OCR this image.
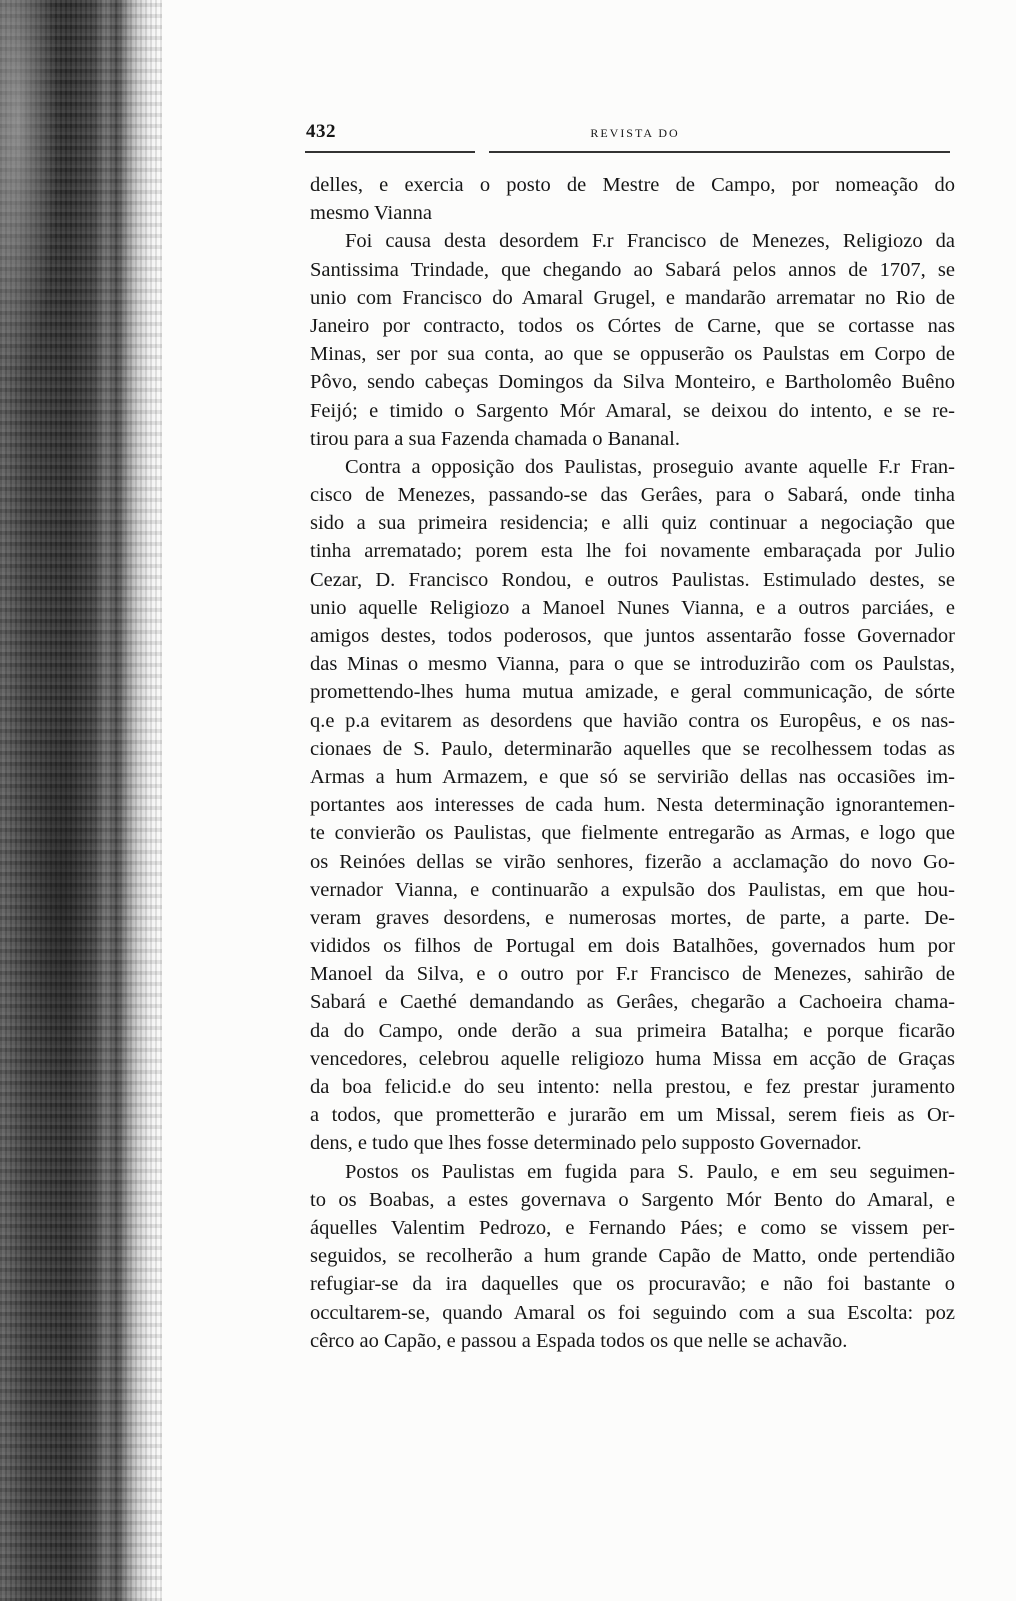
432	REVISTA DO
delles, e exercia o posto de Mestre de Campo, por nomeação do
mesmo Vianna
Foi causa desta desordem F.r Francisco de Menezes, Religiozo da
Santissima Trindade, que chegando ao Sabará pelos annos de 1707, se
unio com Francisco do Amaral Grugel, e mandarão arrematar no Rio de
Janeiro por contracto, todos os Córtes de Carne, que se cortasse nas
Minas, ser por sua conta, ao que se oppuserão os Paulstas em Corpo de
Pôvo, sendo cabeças Domingos da Silva Monteiro, e Bartholomêo Buêno
Feijó; e timido o Sargento Mór Amaral, se deixou do intento, e se re-
tirou para a sua Fazenda chamada o Bananal.
Contra a opposição dos Paulistas, proseguio avante aquelle F.r Fran-
cisco de Menezes, passando-se das Gerâes, para o Sabará, onde tinha
sido a sua primeira residencia; e alli quiz continuar a negociação que
tinha arrematado; porem esta lhe foi novamente embaraçada por Julio
Cezar, D. Francisco Rondou, e outros Paulistas. Estimulado destes, se
unio aquelle Religiozo a Manoel Nunes Vianna, e a outros parciáes, e
amigos destes, todos poderosos, que juntos assentarão fosse Governador
das Minas o mesmo Vianna, para o que se introduzirão com os Paulstas,
promettendo-lhes huma mutua amizade, e geral communicação, de sórte
q.e p.a evitarem as desordens que havião contra os Europêus, e os nas-
cionaes de S. Paulo, determinarão aquelles que se recolhessem todas as
Armas a hum Armazem, e que só se servirião dellas nas occasiões im-
portantes aos interesses de cada hum. Nesta determinação ignorantemen-
te convierão os Paulistas, que fielmente entregarão as Armas, e logo que
os Reinóes dellas se virão senhores, fizerão a acclamação do novo Go-
vernador Vianna, e continuarão a expulsão dos Paulistas, em que hou-
veram graves desordens, e numerosas mortes, de parte, a parte. De-
vididos os filhos de Portugal em dois Batalhões, governados hum por
Manoel da Silva, e o outro por F.r Francisco de Menezes, sahirão de
Sabará e Caethé demandando as Gerâes, chegarão a Cachoeira chama-
da do Campo, onde derão a sua primeira Batalha; e porque ficarão
vencedores, celebrou aquelle religiozo huma Missa em acção de Graças
da boa felicid.e do seu intento: nella prestou, e fez prestar juramento
a todos, que prometterão e jurarão em um Missal, serem fieis as Or-
dens, e tudo que lhes fosse determinado pelo supposto Governador.
Postos os Paulistas em fugida para S. Paulo, e em seu seguimen-
to os Boabas, a estes governava o Sargento Mór Bento do Amaral, e
áquelles Valentim Pedrozo, e Fernando Páes; e como se vissem per-
seguidos, se recolherão a hum grande Capão de Matto, onde pertendião
refugiar-se da ira daquelles que os procuravão; e não foi bastante o
occultarem-se, quando Amaral os foi seguindo com a sua Escolta: poz
cêrco ao Capão, e passou a Espada todos os que nelle se achavão.
